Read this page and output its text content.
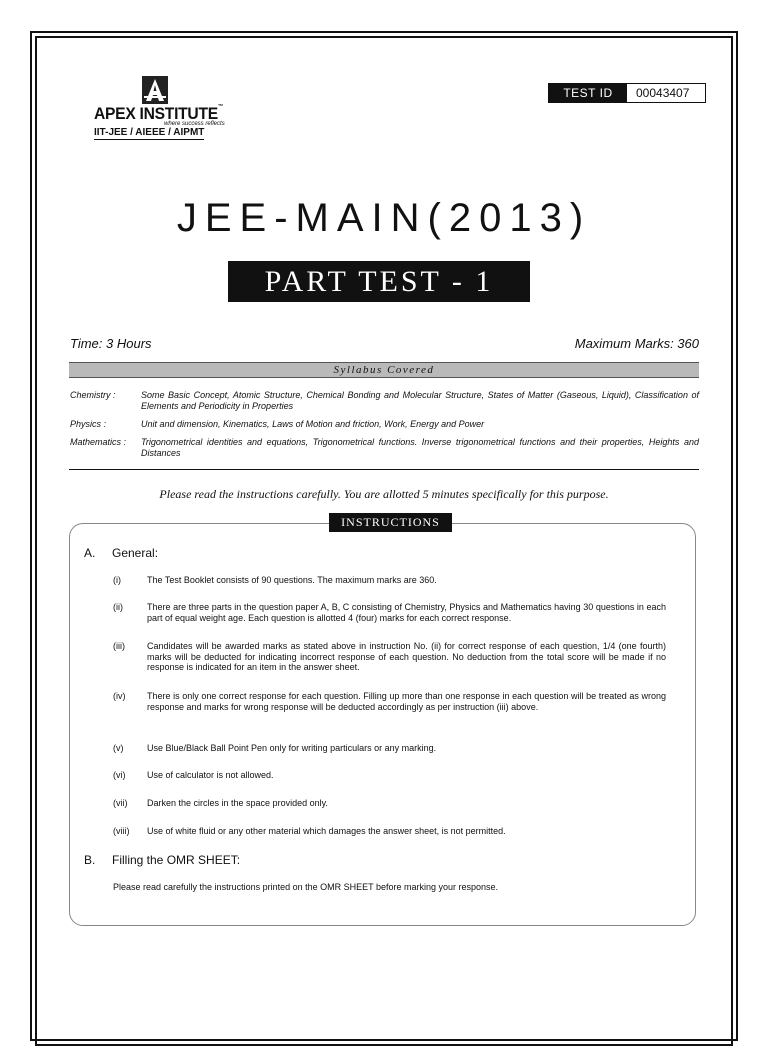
APEX INSTITUTE™
where success reflects
IIT-JEE / AIEEE / AIPMT
TEST ID	00043407
JEE-MAIN(2013)
PART TEST - 1
Time: 3 Hours	Maximum Marks: 360
Syllabus Covered
Chemistry :	Some Basic Concept, Atomic Structure, Chemical Bonding and Molecular Structure, States of Matter (Gaseous, Liquid), Classification of Elements and Periodicity in Properties
Physics :	Unit and dimension, Kinematics, Laws of Motion and friction, Work, Energy and Power
Mathematics : Trigonometrical identities and equations, Trigonometrical functions. Inverse trigonometrical functions and their properties, Heights and Distances
Please read the instructions carefully. You are allotted 5 minutes specifically for this purpose.
INSTRUCTIONS
A. General:
(i)	The Test Booklet consists of 90 questions. The maximum marks are 360.
(ii)	There are three parts in the question paper A, B, C consisting of Chemistry, Physics and Mathematics having 30 questions in each part of equal weight age. Each question is allotted 4 (four) marks for each correct response.
(iii) Candidates will be awarded marks as stated above in instruction No. (ii) for correct response of each question, 1/4 (one fourth) marks will be deducted for indicating incorrect response of each question. No deduction from the total score will be made if no response is indicated for an item in the answer sheet.
(iv) There is only one correct response for each question. Filling up more than one response in each question will be treated as wrong response and marks for wrong response will be deducted accordingly as per instruction (iii) above.
(v)	Use Blue/Black Ball Point Pen only for writing particulars or any marking.
(vi) Use of calculator is not allowed.
(vii) Darken the circles in the space provided only.
(viii) Use of white fluid or any other material which damages the answer sheet, is not permitted.
B. Filling the OMR SHEET:
Please read carefully the instructions printed on the OMR SHEET before marking your response.
